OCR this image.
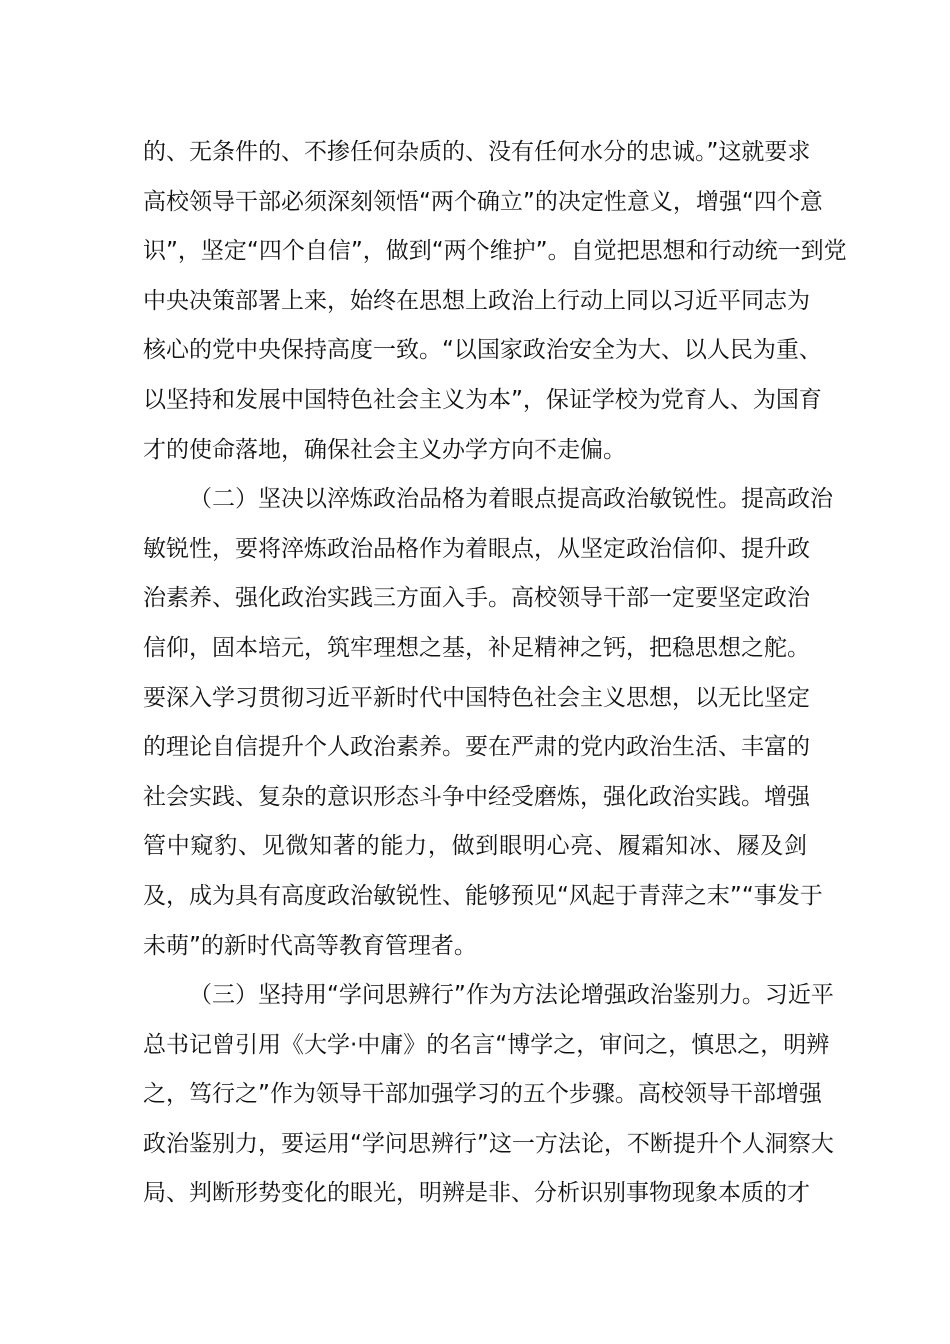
的、无条件的、不掺任何杂质的、没有任何水分的忠诚。”这就要求
高校领导干部必须深刻领悟“两个确立”的决定性意义，增强“四个意
识”，坚定“四个自信”，做到“两个维护”。自觉把思想和行动统一到党
中央决策部署上来，始终在思想上政治上行动上同以习近平同志为
核心的党中央保持高度一致。“以国家政治安全为大、以人民为重、
以坚持和发展中国特色社会主义为本”，保证学校为党育人、为国育
才的使命落地，确保社会主义办学方向不走偏。
（二）坚决以淬炼政治品格为着眼点提高政治敏锐性。提高政治
敏锐性，要将淬炼政治品格作为着眼点，从坚定政治信仰、提升政
治素养、强化政治实践三方面入手。高校领导干部一定要坚定政治
信仰，固本培元，筑牢理想之基，补足精神之钙，把稳思想之舵。
要深入学习贯彻习近平新时代中国特色社会主义思想，以无比坚定
的理论自信提升个人政治素养。要在严肃的党内政治生活、丰富的
社会实践、复杂的意识形态斗争中经受磨炼，强化政治实践。增强
管中窥豹、见微知著的能力，做到眼明心亮、履霜知冰、屦及剑
及，成为具有高度政治敏锐性、能够预见“风起于青萍之末”“事发于
未萌”的新时代高等教育管理者。
（三）坚持用“学问思辨行”作为方法论增强政治鉴别力。习近平
总书记曾引用《大学·中庸》的名言“博学之，审问之，慎思之，明辨
之，笃行之”作为领导干部加强学习的五个步骤。高校领导干部增强
政治鉴别力，要运用“学问思辨行”这一方法论，不断提升个人洞察大
局、判断形势变化的眼光，明辨是非、分析识别事物现象本质的才
